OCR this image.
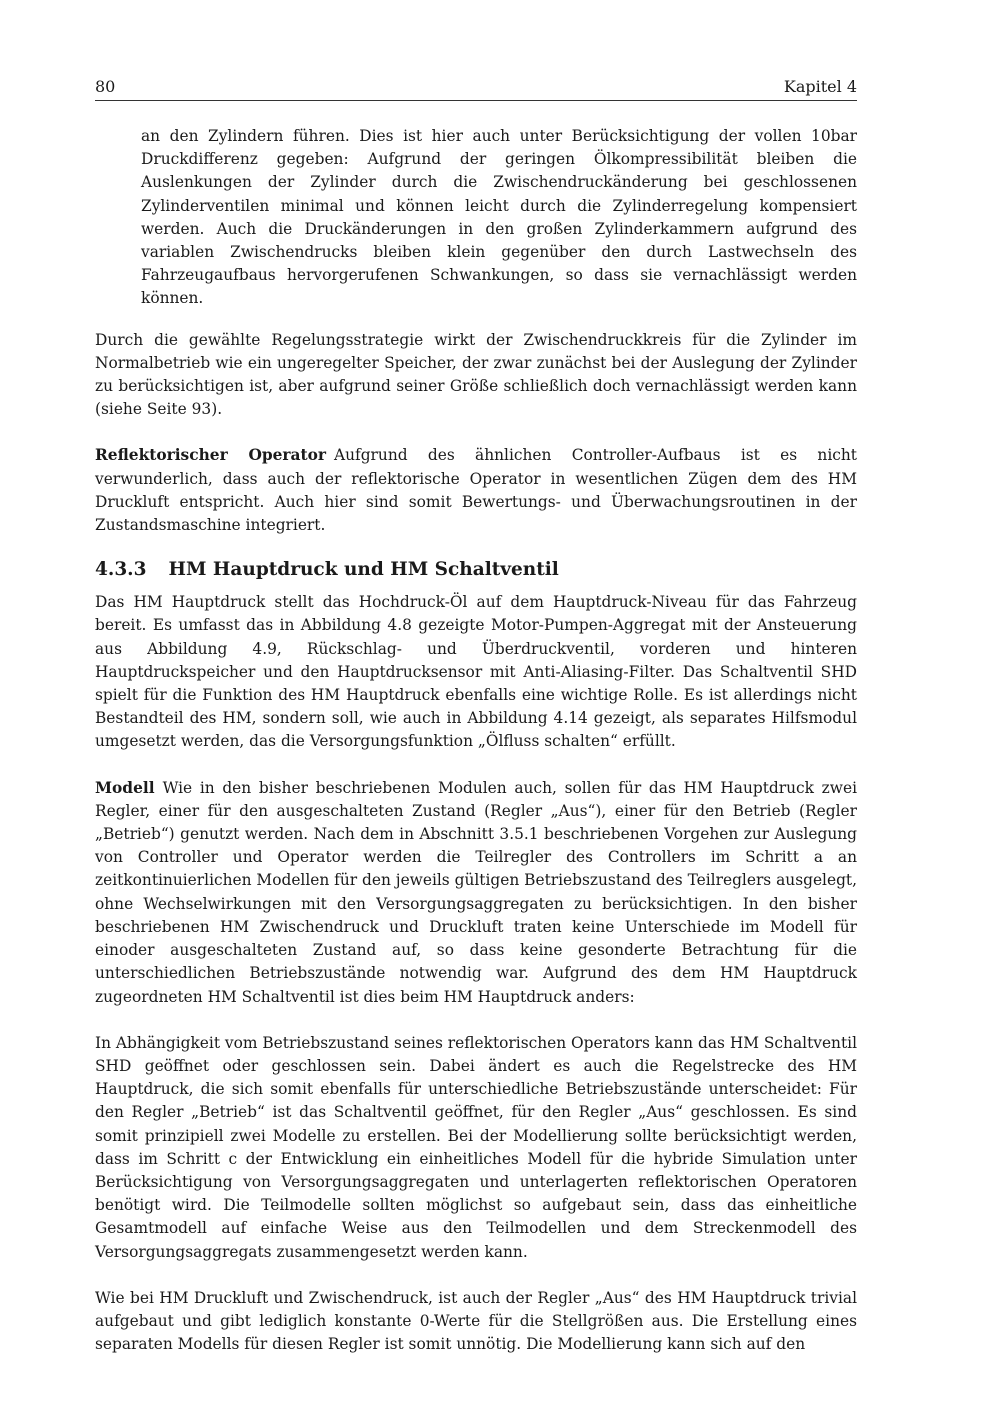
80	Kapitel 4

an den Zylindern führen. Dies ist hier auch unter Berücksichtigung der vollen 10bar Druckdifferenz gegeben: Aufgrund der geringen Ölkompressibilität bleiben die Auslenkungen der Zylinder durch die Zwischendruckänderung bei geschlossenen Zylinderventilen minimal und können leicht durch die Zylinderregelung kompensiert werden. Auch die Druckänderungen in den großen Zylinderkammern aufgrund des variablen Zwischendrucks bleiben klein gegenüber den durch Lastwechseln des Fahrzeugaufbaus hervorgerufenen Schwankungen, so dass sie vernachlässigt werden können.

Durch die gewählte Regelungsstrategie wirkt der Zwischendruckkreis für die Zylinder im Normalbetrieb wie ein ungeregelter Speicher, der zwar zunächst bei der Auslegung der Zylinder zu berücksichtigen ist, aber aufgrund seiner Größe schließlich doch vernachlässigt werden kann (siehe Seite 93).

Reflektorischer Operator Aufgrund des ähnlichen Controller-Aufbaus ist es nicht verwunderlich, dass auch der reflektorische Operator in wesentlichen Zügen dem des HM Druckluft entspricht. Auch hier sind somit Bewertungs- und Überwachungsroutinen in der Zustandsmaschine integriert.

4.3.3 HM Hauptdruck und HM Schaltventil

Das HM Hauptdruck stellt das Hochdruck-Öl auf dem Hauptdruck-Niveau für das Fahrzeug bereit. Es umfasst das in Abbildung 4.8 gezeigte Motor-Pumpen-Aggregat mit der Ansteuerung aus Abbildung 4.9, Rückschlag- und Überdruckventil, vorderen und hinteren Hauptdruckspeicher und den Hauptdrucksensor mit Anti-Aliasing-Filter. Das Schaltventil SHD spielt für die Funktion des HM Hauptdruck ebenfalls eine wichtige Rolle. Es ist allerdings nicht Bestandteil des HM, sondern soll, wie auch in Abbildung 4.14 gezeigt, als separates Hilfsmodul umgesetzt werden, das die Versorgungsfunktion „Ölfluss schalten“ erfüllt.

Modell Wie in den bisher beschriebenen Modulen auch, sollen für das HM Hauptdruck zwei Regler, einer für den ausgeschalteten Zustand (Regler „Aus“), einer für den Betrieb (Regler „Betrieb“) genutzt werden. Nach dem in Abschnitt 3.5.1 beschriebenen Vorgehen zur Auslegung von Controller und Operator werden die Teilregler des Controllers im Schritt a an zeitkontinuierlichen Modellen für den jeweils gültigen Betriebszustand des Teilreglers ausgelegt, ohne Wechselwirkungen mit den Versorgungsaggregaten zu berücksichtigen. In den bisher beschriebenen HM Zwischendruck und Druckluft traten keine Unterschiede im Modell für einoder ausgeschalteten Zustand auf, so dass keine gesonderte Betrachtung für die unterschiedlichen Betriebszustände notwendig war. Aufgrund des dem HM Hauptdruck zugeordneten HM Schaltventil ist dies beim HM Hauptdruck anders:

In Abhängigkeit vom Betriebszustand seines reflektorischen Operators kann das HM Schaltventil SHD geöffnet oder geschlossen sein. Dabei ändert es auch die Regelstrecke des HM Hauptdruck, die sich somit ebenfalls für unterschiedliche Betriebszustände unterscheidet: Für den Regler „Betrieb“ ist das Schaltventil geöffnet, für den Regler „Aus“ geschlossen. Es sind somit prinzipiell zwei Modelle zu erstellen. Bei der Modellierung sollte berücksichtigt werden, dass im Schritt c der Entwicklung ein einheitliches Modell für die hybride Simulation unter Berücksichtigung von Versorgungsaggregaten und unterlagerten reflektorischen Operatoren benötigt wird. Die Teilmodelle sollten möglichst so aufgebaut sein, dass das einheitliche Gesamtmodell auf einfache Weise aus den Teilmodellen und dem Streckenmodell des Versorgungsaggregats zusammengesetzt werden kann.

Wie bei HM Druckluft und Zwischendruck, ist auch der Regler „Aus“ des HM Hauptdruck trivial aufgebaut und gibt lediglich konstante 0-Werte für die Stellgrößen aus. Die Erstellung eines separaten Modells für diesen Regler ist somit unnötig. Die Modellierung kann sich auf den
